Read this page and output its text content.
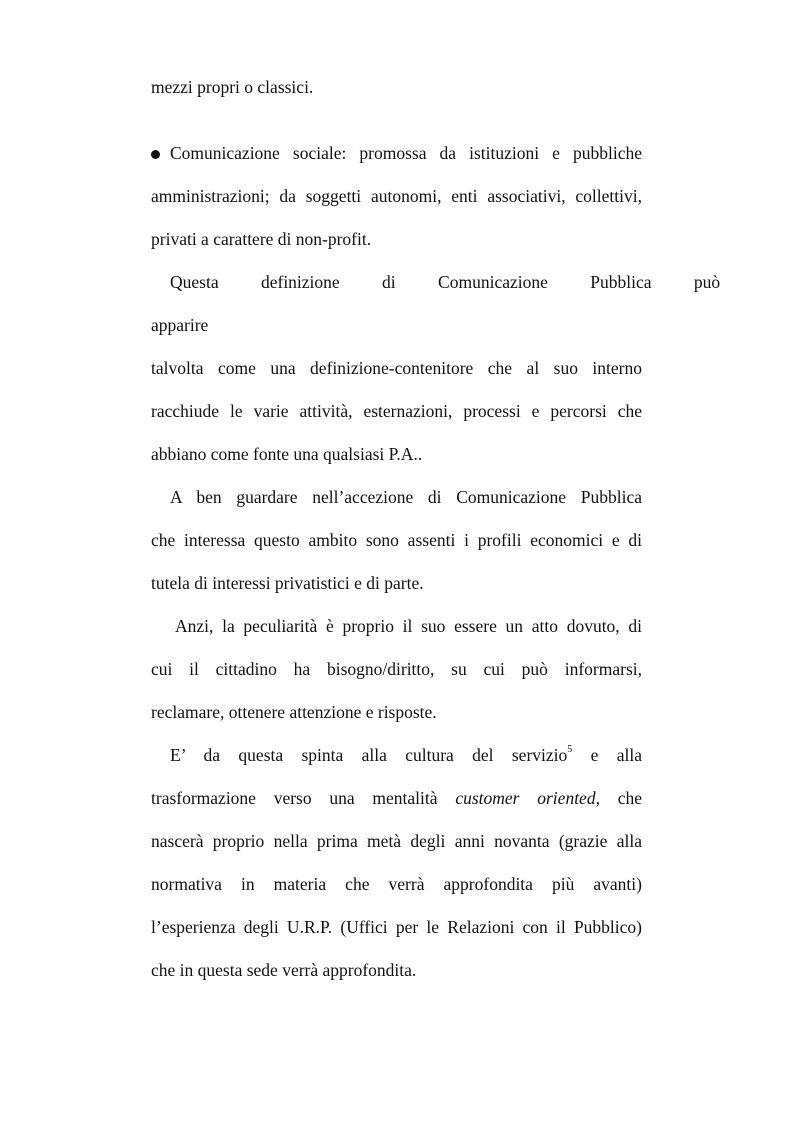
mezzi propri o classici.
Comunicazione sociale: promossa da istituzioni e pubbliche
amministrazioni; da soggetti autonomi, enti associativi, collettivi,
privati a carattere di non-profit.
Questa definizione di Comunicazione Pubblica può
apparire
talvolta come una definizione-contenitore che al suo interno
racchiude le varie attività, esternazioni, processi e percorsi che
abbiano come fonte una qualsiasi P.A..
A ben guardare nell’accezione di Comunicazione Pubblica
che interessa questo ambito sono assenti i profili economici e di
tutela di interessi privatistici e di parte.
Anzi, la peculiarità è proprio il suo essere un atto dovuto, di
cui il cittadino ha bisogno/diritto, su cui può informarsi,
reclamare, ottenere attenzione e risposte.
E’ da questa spinta alla cultura del servizio$^5$ e alla
trasformazione verso una mentalità customer oriented, che
nascerà proprio nella prima metà degli anni novanta (grazie alla
normativa in materia che verrà approfondita più avanti)
l’esperienza degli U.R.P. (Uffici per le Relazioni con il Pubblico)
che in questa sede verrà approfondita.
